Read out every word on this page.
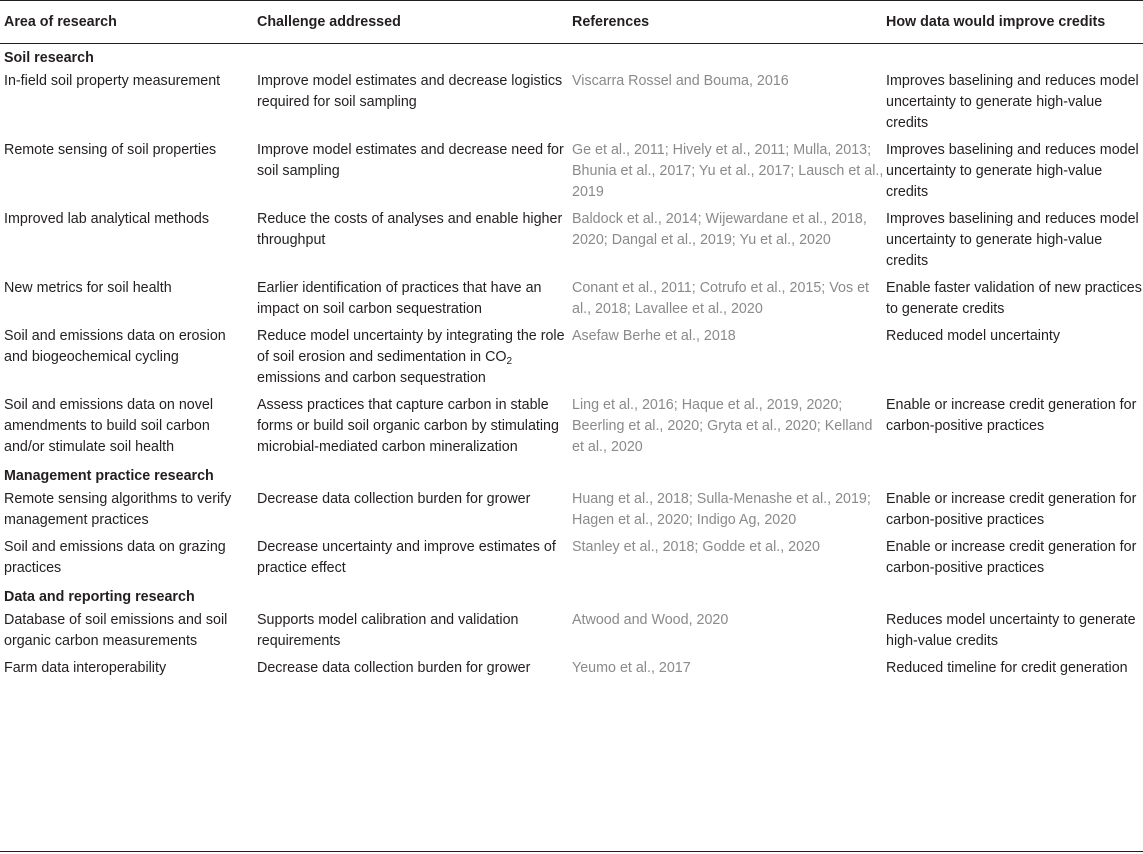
Area of research	Challenge addressed	References	How data would improve credits
Soil research			
In-field soil property measurement	Improve model estimates and decrease logistics required for soil sampling	Viscarra Rossel and Bouma, 2016	Improves baselining and reduces model uncertainty to generate high-value credits
Remote sensing of soil properties	Improve model estimates and decrease need for soil sampling	Ge et al., 2011; Hively et al., 2011; Mulla, 2013; Bhunia et al., 2017; Yu et al., 2017; Lausch et al., 2019	Improves baselining and reduces model uncertainty to generate high-value credits
Improved lab analytical methods	Reduce the costs of analyses and enable higher throughput	Baldock et al., 2014; Wijewardane et al., 2018, 2020; Dangal et al., 2019; Yu et al., 2020	Improves baselining and reduces model uncertainty to generate high-value credits
New metrics for soil health	Earlier identification of practices that have an impact on soil carbon sequestration	Conant et al., 2011; Cotrufo et al., 2015; Vos et al., 2018; Lavallee et al., 2020	Enable faster validation of new practices to generate credits
Soil and emissions data on erosion and biogeochemical cycling	Reduce model uncertainty by integrating the role of soil erosion and sedimentation in $CO_2$ emissions and carbon sequestration	Asefaw Berhe et al., 2018	Reduced model uncertainty
Soil and emissions data on novel amendments to build soil carbon and/or stimulate soil health	Assess practices that capture carbon in stable forms or build soil organic carbon by stimulating microbial-mediated carbon mineralization	Ling et al., 2016; Haque et al., 2019, 2020; Beerling et al., 2020; Gryta et al., 2020; Kelland et al., 2020	Enable or increase credit generation for carbon-positive practices
Management practice research			
Remote sensing algorithms to verify management practices	Decrease data collection burden for grower	Huang et al., 2018; Sulla-Menashe et al., 2019; Hagen et al., 2020; Indigo Ag, 2020	Enable or increase credit generation for carbon-positive practices
Soil and emissions data on grazing practices	Decrease uncertainty and improve estimates of practice effect	Stanley et al., 2018; Godde et al., 2020	Enable or increase credit generation for carbon-positive practices
Data and reporting research			
Database of soil emissions and soil organic carbon measurements	Supports model calibration and validation requirements	Atwood and Wood, 2020	Reduces model uncertainty to generate high-value credits
Farm data interoperability	Decrease data collection burden for grower	Yeumo et al., 2017	Reduced timeline for credit generation
